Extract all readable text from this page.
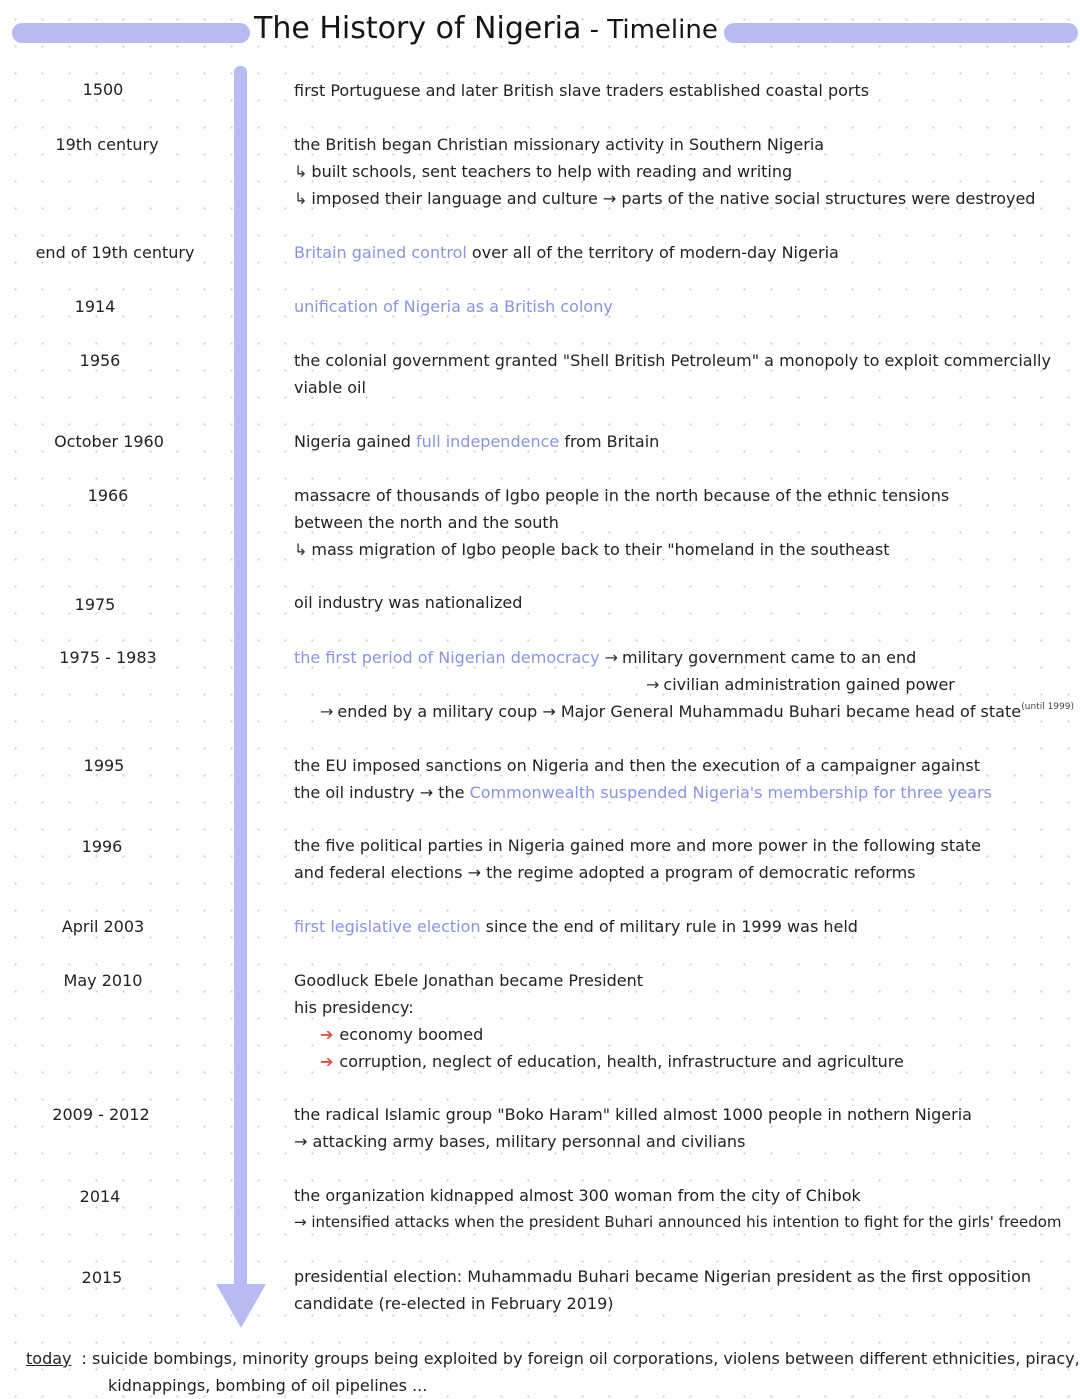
The History of Nigeria - Timeline
1500	first Portuguese and later British slave traders established coastal ports
19th century	the British began Christian missionary activity in Southern Nigeria
↳ built schools, sent teachers to help with reading and writing
↳ imposed their language and culture → parts of the native social structures were destroyed
end of 19th century	Britain gained control over all of the territory of modern-day Nigeria
1914	unification of Nigeria as a British colony
1956	the colonial government granted "Shell British Petroleum" a monopoly to exploit commercially
viable oil
October 1960	Nigeria gained full independence from Britain
1966	massacre of thousands of Igbo people in the north because of the ethnic tensions
between the north and the south
↳ mass migration of Igbo people back to their "homeland in the southeast
1975	oil industry was nationalized
1975 - 1983	the first period of Nigerian democracy → military government came to an end
→ civilian administration gained power
→ ended by a military coup → Major General Muhammadu Buhari became head of state (until 1999)
1995	the EU imposed sanctions on Nigeria and then the execution of a campaigner against
the oil industry → the Commonwealth suspended Nigeria's membership for three years
1996	the five political parties in Nigeria gained more and more power in the following state
and federal elections → the regime adopted a program of democratic reforms
April 2003	first legislative election since the end of military rule in 1999 was held
May 2010	Goodluck Ebele Jonathan became President
his presidency:
➔ economy boomed
➔ corruption, neglect of education, health, infrastructure and agriculture
2009 - 2012	the radical Islamic group "Boko Haram" killed almost 1000 people in nothern Nigeria
→ attacking army bases, military personnal and civilians
2014	the organization kidnapped almost 300 woman from the city of Chibok
→ intensified attacks when the president Buhari announced his intention to fight for the girls' freedom
2015	presidential election: Muhammadu Buhari became Nigerian president as the first opposition
candidate (re-elected in February 2019)
today : suicide bombings, minority groups being exploited by foreign oil corporations, violens between different ethnicities, piracy,
kidnappings, bombing of oil pipelines ...
